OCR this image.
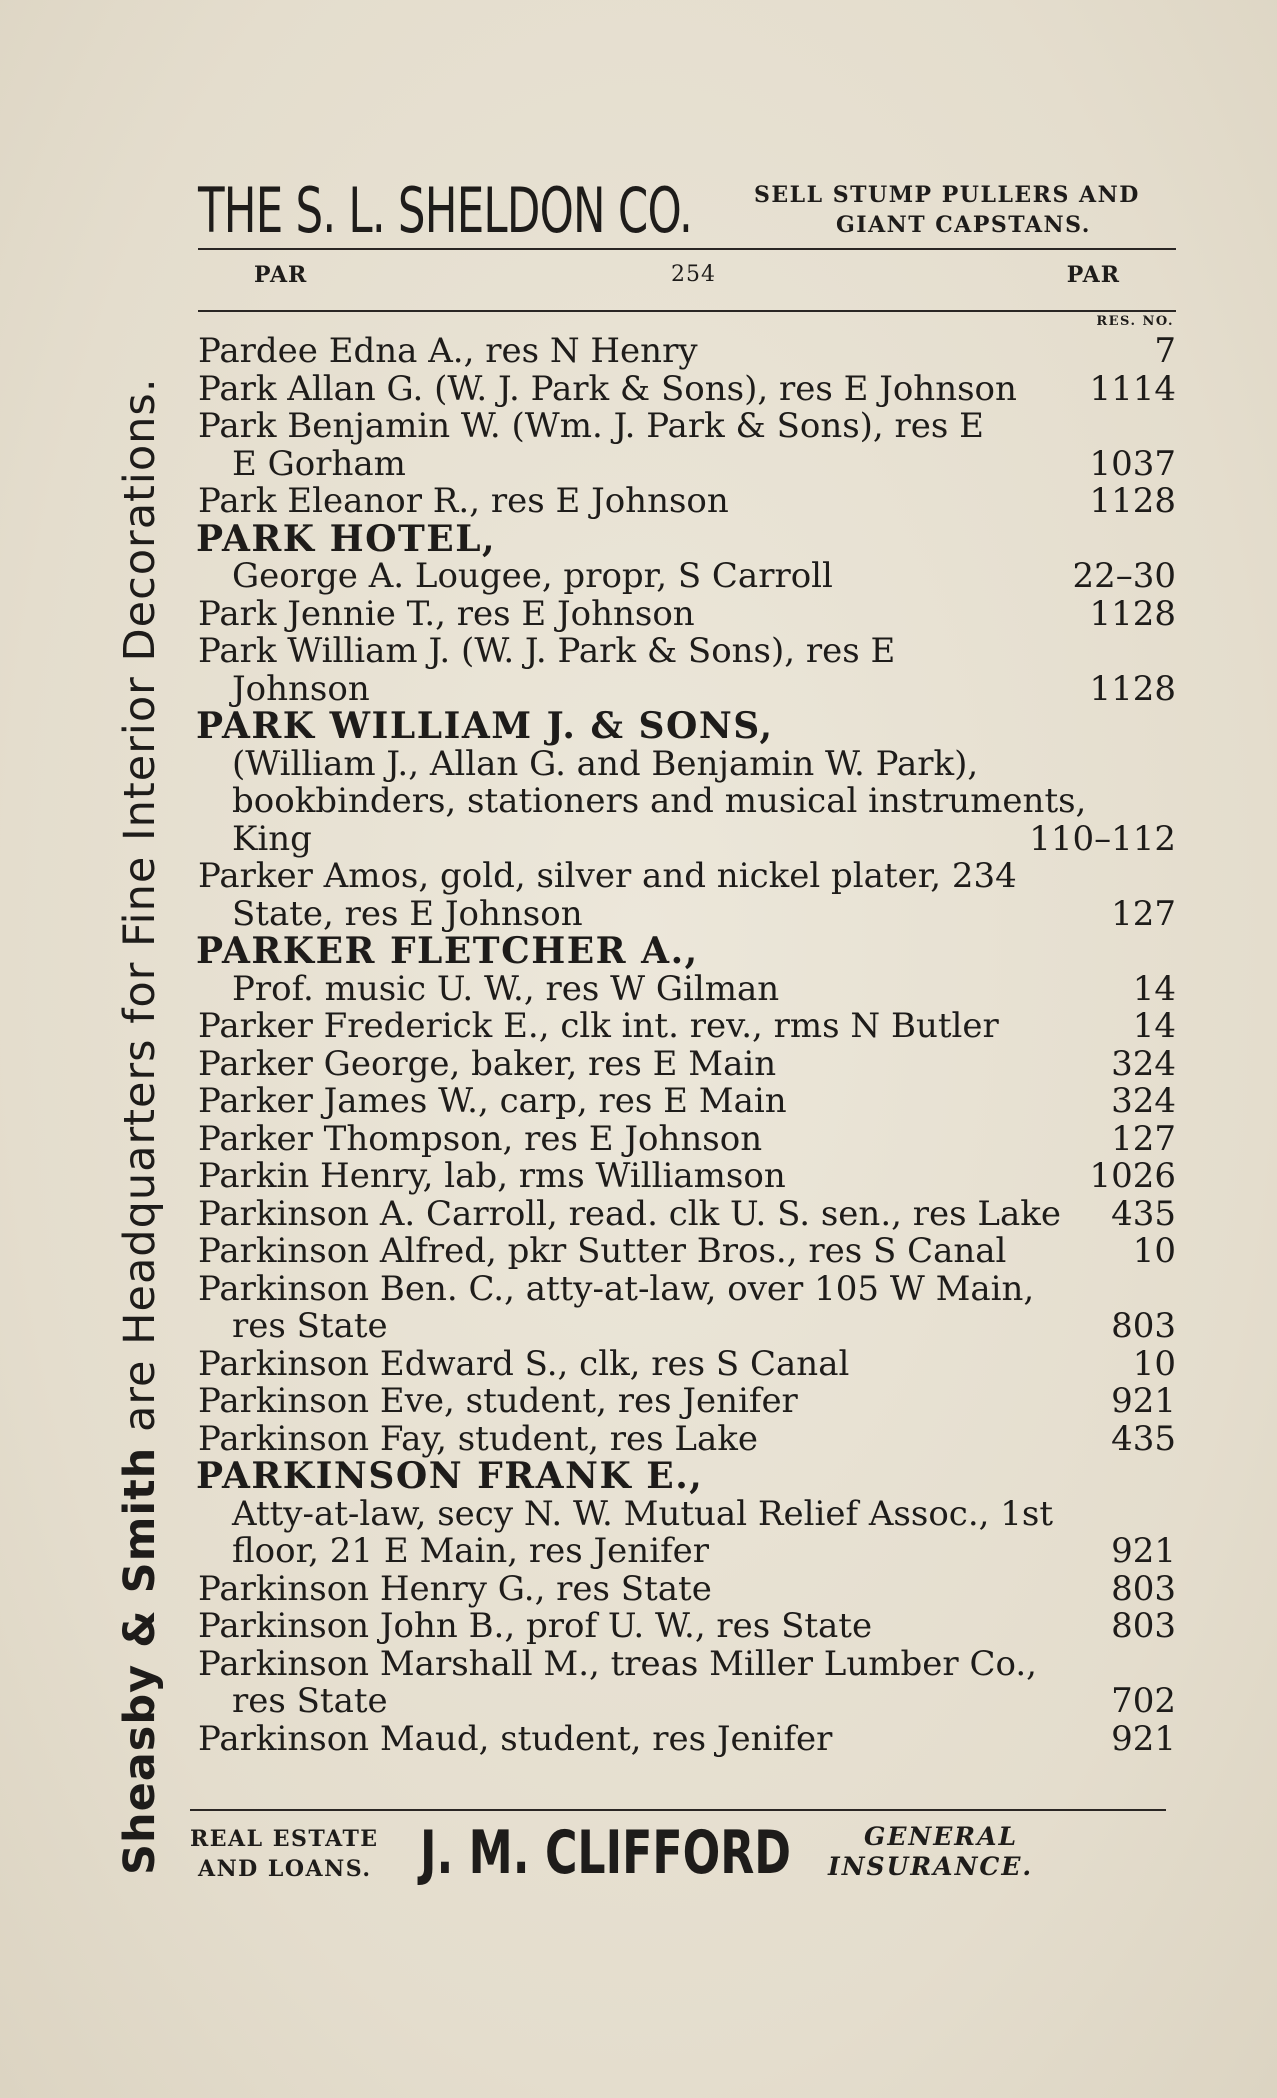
Sheasby & Smith are Headquarters for Fine Interior Decorations.
THE S. L. SHELDON CO.	SELL STUMP PULLERS AND
GIANT CAPSTANS.
PAR	254	PAR
RES. NO.
Pardee Edna A., res N Henry	7
Park Allan G. (W. J. Park & Sons), res E Johnson 1114
Park Benjamin W. (Wm. J. Park & Sons), res E
E Gorham	1037
Park Eleanor R., res E Johnson	1128
PARK HOTEL,
George A. Lougee, propr, S Carroll	22–30
Park Jennie T., res E Johnson	1128
Park William J. (W. J. Park & Sons), res E
Johnson	1128
PARK WILLIAM J. & SONS,
(William J., Allan G. and Benjamin W. Park),
bookbinders, stationers and musical instruments,
King	110–112
Parker Amos, gold, silver and nickel plater, 234
State, res E Johnson	127
PARKER FLETCHER A.,
Prof. music U. W., res W Gilman	14
Parker Frederick E., clk int. rev., rms N Butler	14
Parker George, baker, res E Main	324
Parker James W., carp, res E Main	324
Parker Thompson, res E Johnson	127
Parkin Henry, lab, rms Williamson	1026
Parkinson A. Carroll, read. clk U. S. sen., res Lake 435
Parkinson Alfred, pkr Sutter Bros., res S Canal	10
Parkinson Ben. C., atty-at-law, over 105 W Main,
res State	803
Parkinson Edward S., clk, res S Canal	10
Parkinson Eve, student, res Jenifer	921
Parkinson Fay, student, res Lake	435
PARKINSON FRANK E.,
Atty-at-law, secy N. W. Mutual Relief Assoc., 1st
floor, 21 E Main, res Jenifer	921
Parkinson Henry G., res State	803
Parkinson John B., prof U. W., res State	803
Parkinson Marshall M., treas Miller Lumber Co.,
res State	702
Parkinson Maud, student, res Jenifer	921
REAL ESTATE
AND LOANS. J. M. CLIFFORD	GENERAL
INSURANCE.
